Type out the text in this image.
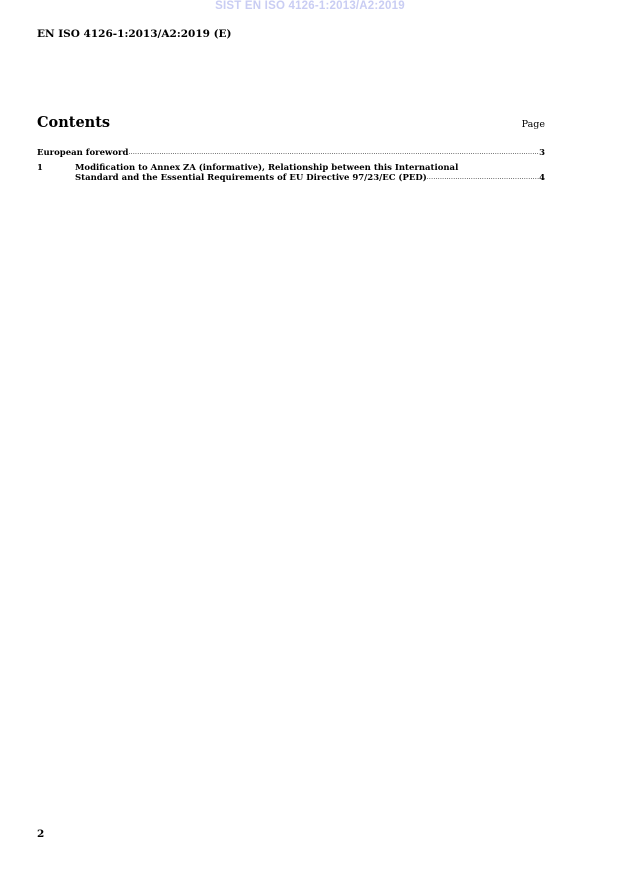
SIST EN ISO 4126-1:2013/A2:2019
EN ISO 4126-1:2013/A2:2019 (E)
Contents	Page
European foreword .....	3
1	Modification to Annex ZA (informative), Relationship between this International
Standard and the Essential Requirements of EU Directive 97/23/EC (PED) .....	4
2
